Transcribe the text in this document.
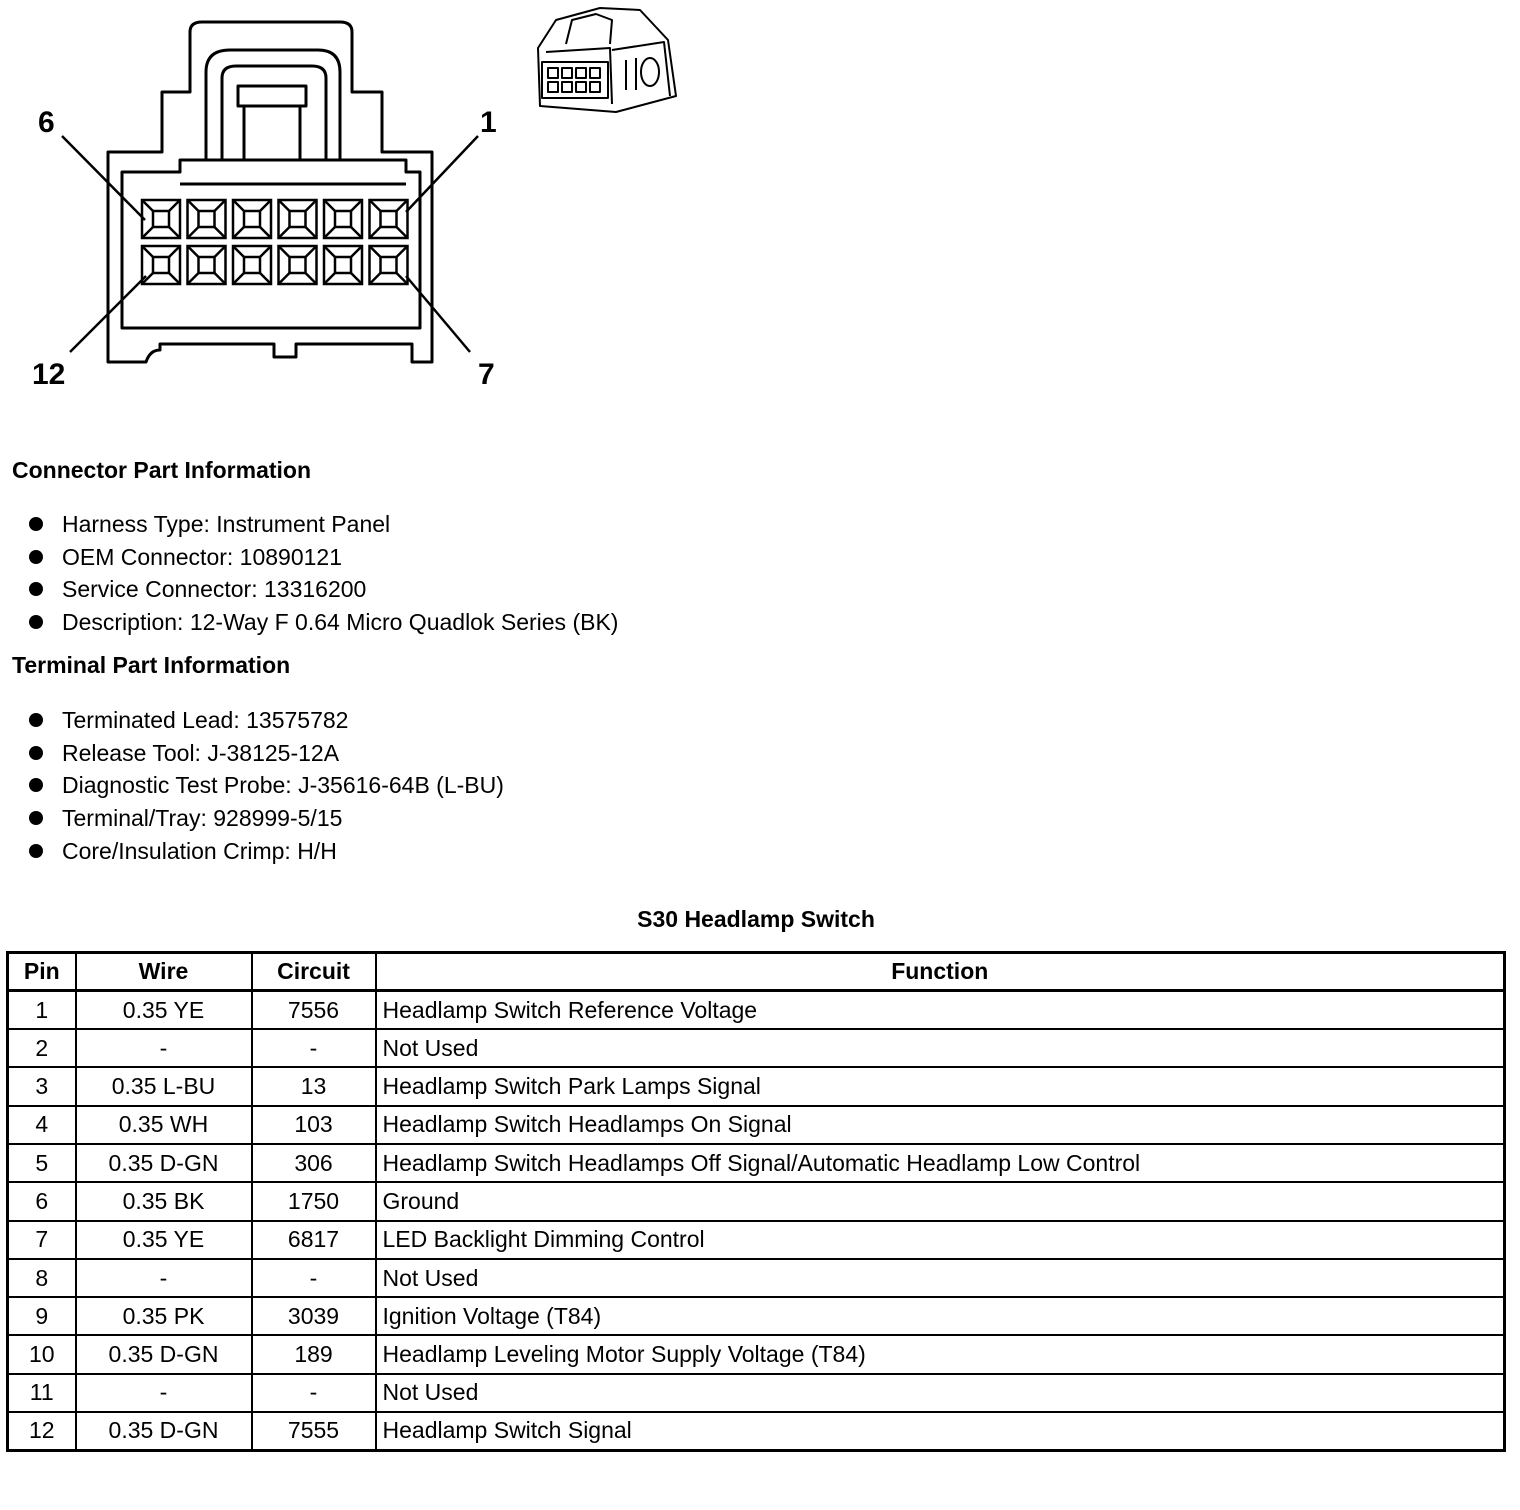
6	1
12	7
Connector Part Information
Harness Type: Instrument Panel
OEM Connector: 10890121
Service Connector: 13316200
Description: 12-Way F 0.64 Micro Quadlok Series (BK)
Terminal Part Information
Terminated Lead: 13575782
Release Tool: J-38125-12A
Diagnostic Test Probe: J-35616-64B (L-BU)
Terminal/Tray: 928999-5/15
Core/Insulation Crimp: H/H
S30 Headlamp Switch
Pin	Wire	Circuit	Function
1	0.35 YE	7556	Headlamp Switch Reference Voltage
2	-	-	Not Used
3	0.35 L-BU	13	Headlamp Switch Park Lamps Signal
4	0.35 WH	103	Headlamp Switch Headlamps On Signal
5	0.35 D-GN	306	Headlamp Switch Headlamps Off Signal/Automatic Headlamp Low Control
6	0.35 BK	1750	Ground
7	0.35 YE	6817	LED Backlight Dimming Control
8	-	-	Not Used
9	0.35 PK	3039	Ignition Voltage (T84)
10	0.35 D-GN	189	Headlamp Leveling Motor Supply Voltage (T84)
11	-	-	Not Used
12	0.35 D-GN	7555	Headlamp Switch Signal
